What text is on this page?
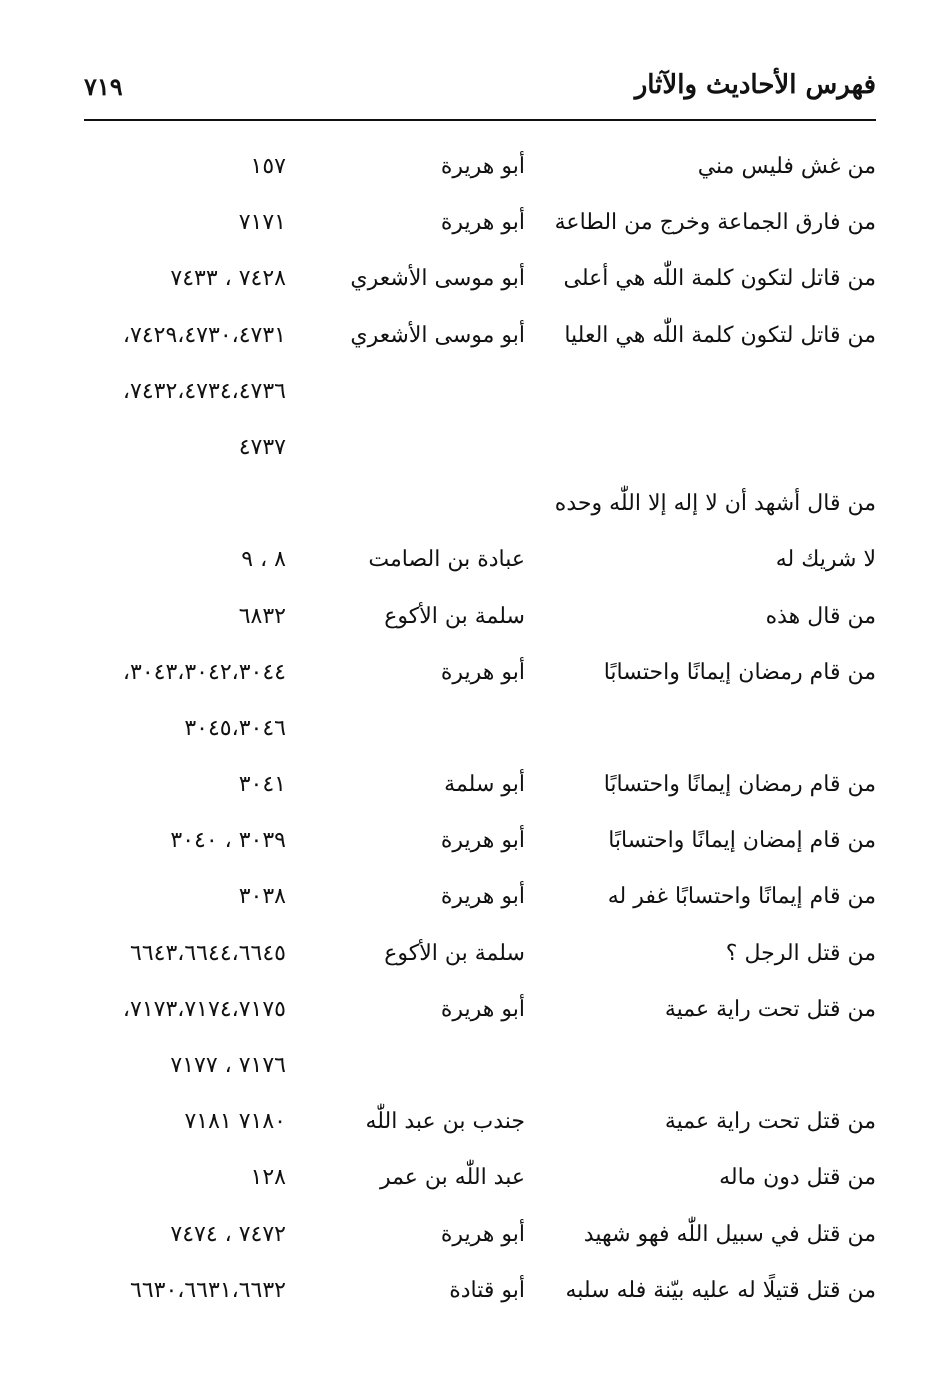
فهرس الأحاديث والآثار
٧١٩
من غش فليس مني
أبو هريرة
١٥٧
من فارق الجماعة وخرج من الطاعة
أبو هريرة
٧١٧١
من قاتل لتكون كلمة اللّٰه هي أعلى
أبو موسى الأشعري
٧٤٢٨ ، ٧٤٣٣
من قاتل لتكون كلمة اللّٰه هي العليا
أبو موسى الأشعري
٧٤٢٩،٤٧٣٠،٤٧٣١،
٧٤٣٢،٤٧٣٤،٤٧٣٦،
٤٧٣٧
من قال أشهد أن لا إله إلا اللّٰه وحده
لا شريك له
عبادة بن الصامت
٨ ، ٩
من قال هذه
سلمة بن الأكوع
٦٨٣٢
من قام رمضان إيمانًا واحتسابًا
أبو هريرة
٣٠٤٣،٣٠٤٢،٣٠٤٤،
٣٠٤٥،٣٠٤٦
من قام رمضان إيمانًا واحتسابًا
أبو سلمة
٣٠٤١
من قام إمضان إيمانًا واحتسابًا
أبو هريرة
٣٠٣٩ ، ٣٠٤٠
من قام إيمانًا واحتسابًا غفر له
أبو هريرة
٣٠٣٨
من قتل الرجل ؟
سلمة بن الأكوع
٦٦٤٣،٦٦٤٤،٦٦٤٥
من قتل تحت راية عمية
أبو هريرة
٧١٧٣،٧١٧٤،٧١٧٥،
٧١٧٦ ، ٧١٧٧
من قتل تحت راية عمية
جندب بن عبد اللّٰه
٧١٨٠ ٧١٨١
من قتل دون ماله
عبد اللّٰه بن عمر
١٢٨
من قتل في سبيل اللّٰه فهو شهيد
أبو هريرة
٧٤٧٢ ، ٧٤٧٤
من قتل قتيلًا له عليه بيّنة فله سلبه
أبو قتادة
٦٦٣٠،٦٦٣١،٦٦٣٢
